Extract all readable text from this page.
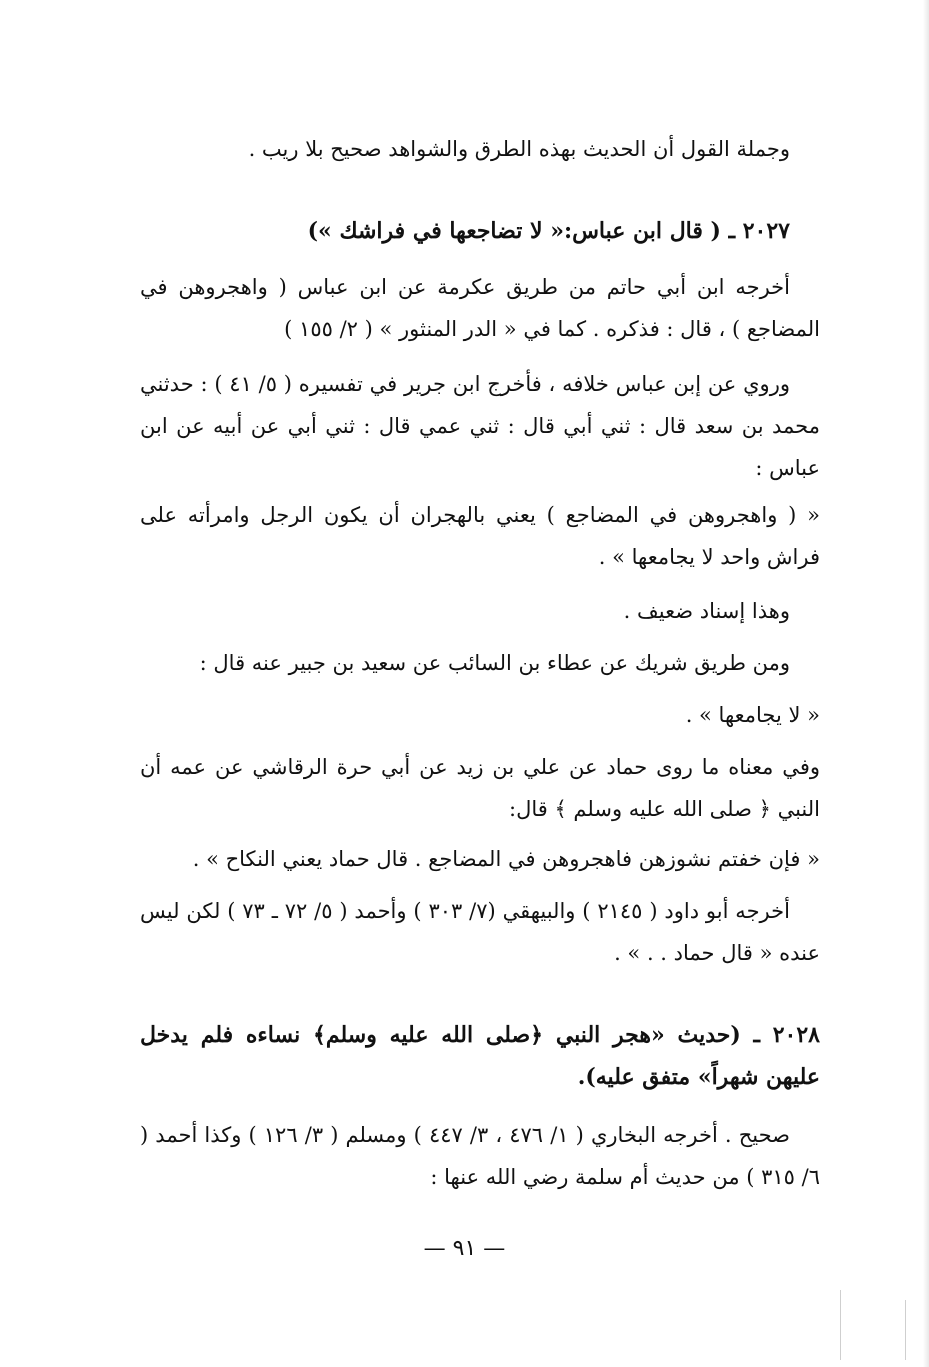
وجملة القول أن الحديث بهذه الطرق والشواهد صحيح بلا ريب .

٢٠٢٧ ـ ( قال ابن عباس:« لا تضاجعها في فراشك »)

أخرجه ابن أبي حاتم من طريق عكرمة عن ابن عباس ( واهجروهن في المضاجع ) ، قال : فذكره . كما في « الدر المنثور » ( ٢/ ١٥٥ )

وروي عن إبن عباس خلافه ، فأخرج ابن جرير في تفسيره ( ٥/ ٤١ ) : حدثني محمد بن سعد قال : ثني أبي قال : ثني عمي قال : ثني أبي عن أبيه عن ابن عباس :

« ( واهجروهن في المضاجع ) يعني بالهجران أن يكون الرجل وامرأته على فراش واحد لا يجامعها » .

وهذا إسناد ضعيف .

ومن طريق شريك عن عطاء بن السائب عن سعيد بن جبير عنه قال :

« لا يجامعها » .

وفي معناه ما روى حماد عن علي بن زيد عن أبي حرة الرقاشي عن عمه أن النبي ﴿ صلى الله عليه وسلم ﴾ قال:

« فإن خفتم نشوزهن فاهجروهن في المضاجع . قال حماد يعني النكاح » .

أخرجه أبو داود ( ٢١٤٥ ) والبيهقي (٧/ ٣٠٣ ) وأحمد ( ٥/ ٧٢ ـ ٧٣ ) لكن ليس عنده « قال حماد . . » .

٢٠٢٨ ـ (حديث «هجر النبي ﴿صلى الله عليه وسلم﴾ نساءه فلم يدخل عليهن شهراً» متفق عليه).

صحيح . أخرجه البخاري ( ١/ ٤٧٦ ، ٣/ ٤٤٧ ) ومسلم ( ٣/ ١٢٦ ) وكذا أحمد ( ٦/ ٣١٥ ) من حديث أم سلمة رضي الله عنها :

— ٩١ —
